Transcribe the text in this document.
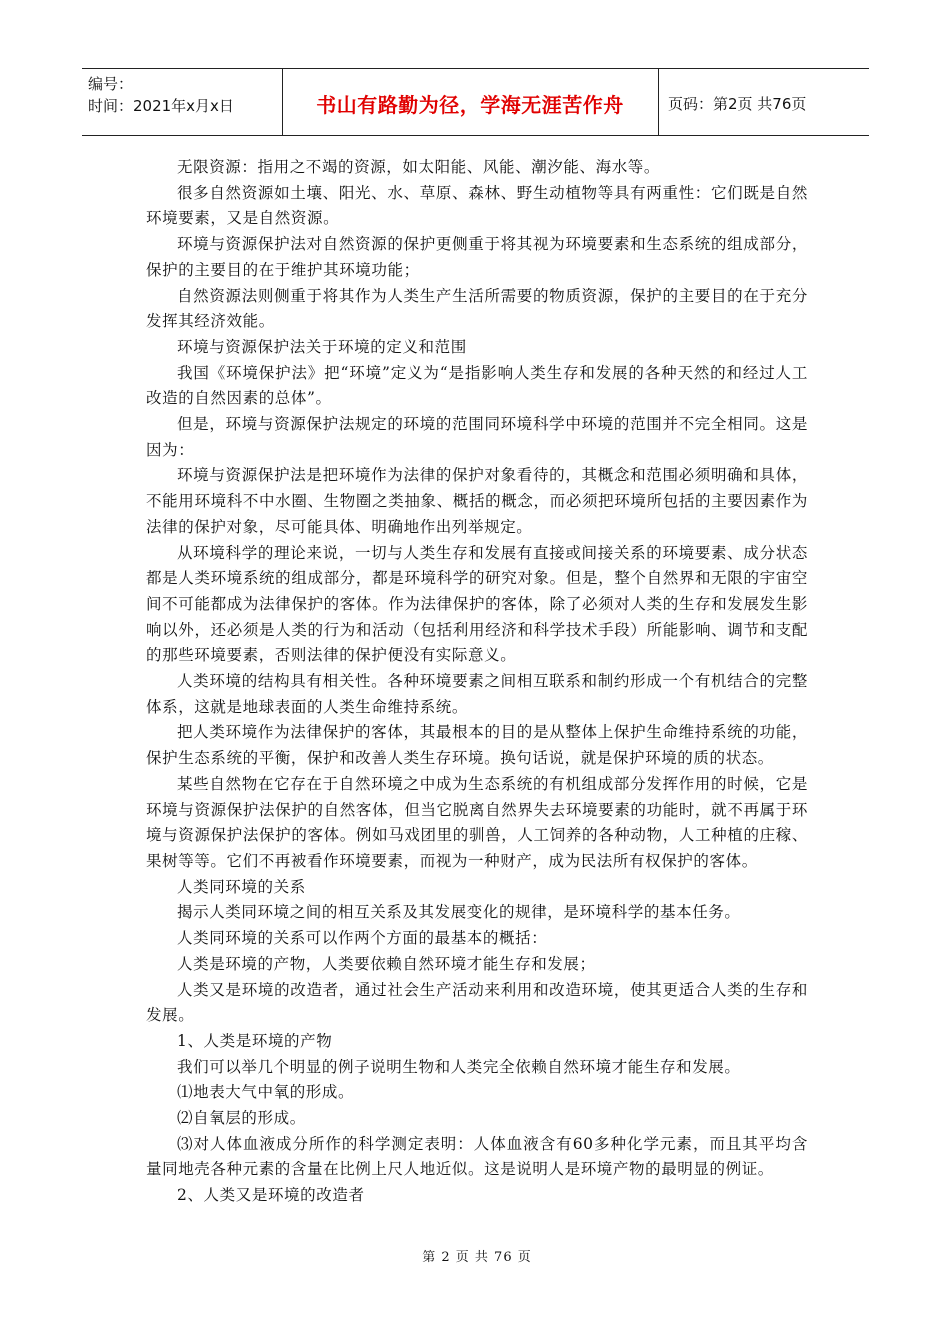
编号：
时间：2021年x月x日	书山有路勤为径，学海无涯苦作舟	页码：第2页 共76页

无限资源：指用之不竭的资源，如太阳能、风能、潮汐能、海水等。

很多自然资源如土壤、阳光、水、草原、森林、野生动植物等具有两重性：它们既是自然环境要素，又是自然资源。

环境与资源保护法对自然资源的保护更侧重于将其视为环境要素和生态系统的组成部分，保护的主要目的在于维护其环境功能；

自然资源法则侧重于将其作为人类生产生活所需要的物质资源，保护的主要目的在于充分发挥其经济效能。

环境与资源保护法关于环境的定义和范围

我国《环境保护法》把“环境”定义为“是指影响人类生存和发展的各种天然的和经过人工改造的自然因素的总体”。

但是，环境与资源保护法规定的环境的范围同环境科学中环境的范围并不完全相同。这是因为：

环境与资源保护法是把环境作为法律的保护对象看待的，其概念和范围必须明确和具体，不能用环境科不中水圈、生物圈之类抽象、概括的概念，而必须把环境所包括的主要因素作为法律的保护对象，尽可能具体、明确地作出列举规定。

从环境科学的理论来说，一切与人类生存和发展有直接或间接关系的环境要素、成分状态都是人类环境系统的组成部分，都是环境科学的研究对象。但是，整个自然界和无限的宇宙空间不可能都成为法律保护的客体。作为法律保护的客体，除了必须对人类的生存和发展发生影响以外，还必须是人类的行为和活动（包括利用经济和科学技术手段）所能影响、调节和支配的那些环境要素，否则法律的保护便没有实际意义。

人类环境的结构具有相关性。各种环境要素之间相互联系和制约形成一个有机结合的完整体系，这就是地球表面的人类生命维持系统。

把人类环境作为法律保护的客体，其最根本的目的是从整体上保护生命维持系统的功能，保护生态系统的平衡，保护和改善人类生存环境。换句话说，就是保护环境的质的状态。

某些自然物在它存在于自然环境之中成为生态系统的有机组成部分发挥作用的时候，它是环境与资源保护法保护的自然客体，但当它脱离自然界失去环境要素的功能时，就不再属于环境与资源保护法保护的客体。例如马戏团里的驯兽，人工饲养的各种动物，人工种植的庄稼、果树等等。它们不再被看作环境要素，而视为一种财产，成为民法所有权保护的客体。

人类同环境的关系

揭示人类同环境之间的相互关系及其发展变化的规律，是环境科学的基本任务。

人类同环境的关系可以作两个方面的最基本的概括：

人类是环境的产物，人类要依赖自然环境才能生存和发展；

人类又是环境的改造者，通过社会生产活动来利用和改造环境，使其更适合人类的生存和发展。

1、人类是环境的产物

我们可以举几个明显的例子说明生物和人类完全依赖自然环境才能生存和发展。

⑴地表大气中氧的形成。

⑵自氧层的形成。

⑶对人体血液成分所作的科学测定表明：人体血液含有60多种化学元素，而且其平均含量同地壳各种元素的含量在比例上尺人地近似。这是说明人是环境产物的最明显的例证。

2、人类又是环境的改造者

第 2 页 共 76 页
